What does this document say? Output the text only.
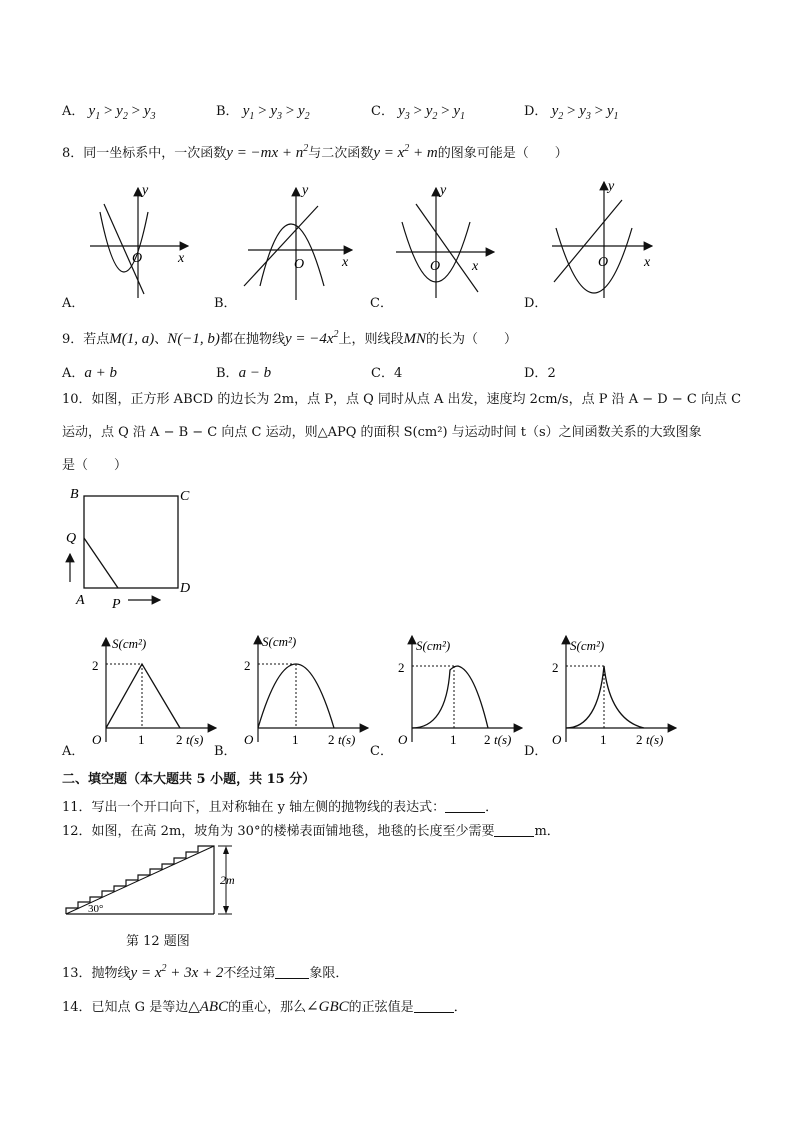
A． $y_1 > y_2 > y_3$	B． $y_1 > y_3 > y_2$	C． $y_3 > y_2 > y_1$	D． $y_2 > y_3 > y_1$
8．同一坐标系中，一次函数$y = -mx + n^2$与二次函数$y = x^2 + m$的图象可能是（　　）
y
x
O
A．
y
x
O
B．
y
x
O
C．
y
x
O
D．
9．若点M(1, a)、N(−1, b)都在抛物线$y = -4x^2$上，则线段MN的长为（　　）
A．a + b	B．a − b	C．4	D．2
10．如图，正方形 ABCD 的边长为 2m，点 P，点 Q 同时从点 A 出发，速度均 2cm/s，点 P 沿 A − D − C 向点 C
运动，点 Q 沿 A − B − C 向点 C 运动，则△APQ 的面积 S(cm²) 与运动时间 t（s）之间函数关系的大致图象
是（　　）
B	C
Q
D
A P
S(cm²)
2
O	1 2 t(s)
A．
S(cm²)
2
O	1 2 t(s)
B．
S(cm²)
2
O	1 2 t(s)
C．
S(cm²)
2
O	1 2 t(s)
D．
二、填空题（本大题共 5 小题，共 15 分）
11．写出一个开口向下，且对称轴在 y 轴左侧的抛物线的表达式：	．
12．如图，在高 2m，坡角为 30°的楼梯表面铺地毯，地毯的长度至少需要	m．
30°
2m
第 12 题图
13．抛物线$y = x^2 + 3x + 2$不经过第	象限．
14．已知点 G 是等边△ABC的重心，那么∠GBC的正弦值是	．
